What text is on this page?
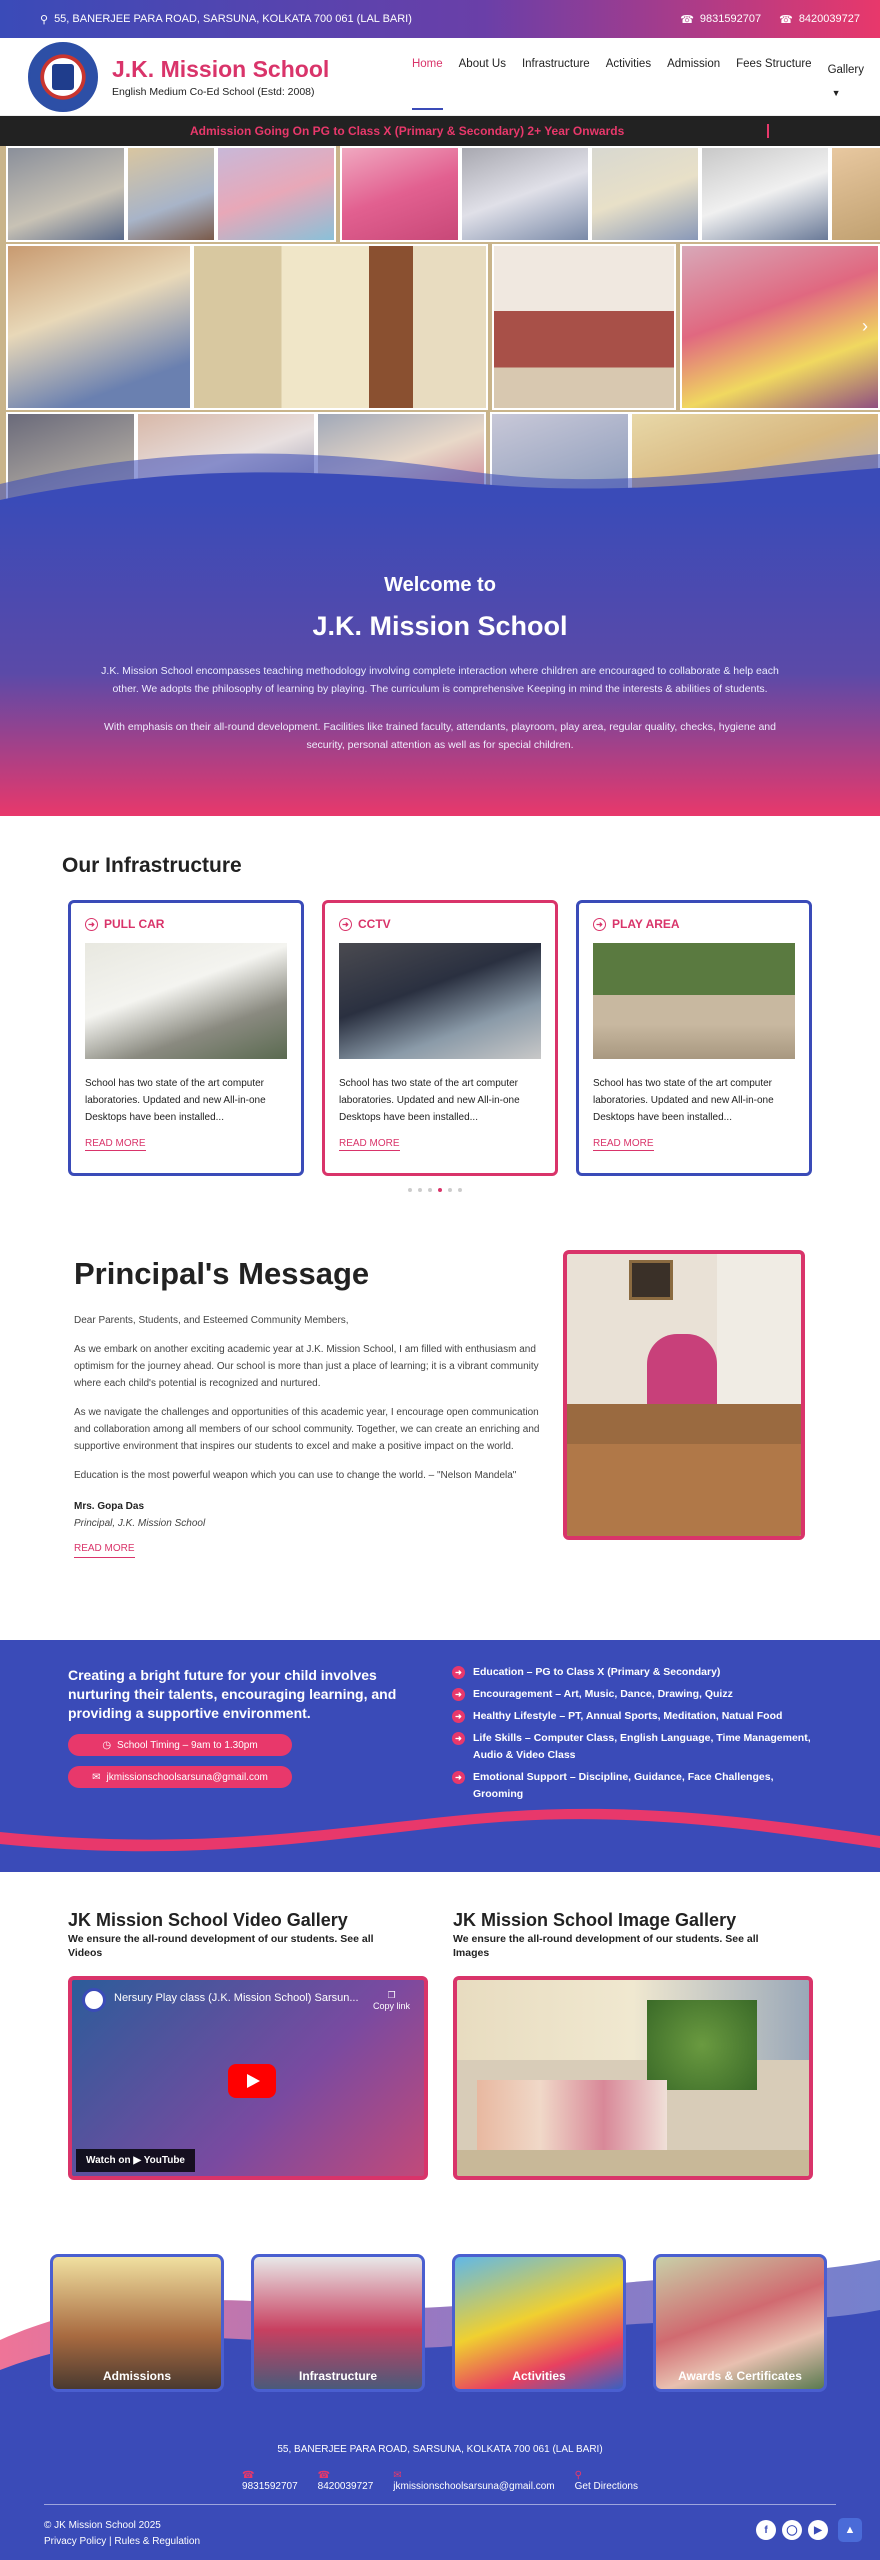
⚲ 55, BANERJEE PARA ROAD, SARSUNA, KOLKATA 700 061 (LAL BARI)	☎ 9831592707 ☎ 8420039727
J.K. Mission School
English Medium Co-Ed School (Estd: 2008)
Home About Us Infrastructure Activities Admission Fees Structure Gallery
▼
Admission Going On PG to Class X (Primary & Secondary) 2+ Year Onwards
›
Welcome to
J.K. Mission School

J.K. Mission School encompasses teaching methodology involving complete interaction where children are encouraged to collaborate & help each other. We adopts the philosophy of learning by playing. The curriculum is comprehensive Keeping in mind the interests & abilities of students.

With emphasis on their all-round development. Facilities like trained faculty, attendants, playroom, play area, regular quality, checks, hygiene and security, personal attention as well as for special children.

Our Infrastructure
➜ PULL CAR

School has two state of the art computer laboratories. Updated and new All-in-one Desktops have been installed...

READ MORE
➜ CCTV

School has two state of the art computer laboratories. Updated and new All-in-one Desktops have been installed...

READ MORE
➜ PLAY AREA

School has two state of the art computer laboratories. Updated and new All-in-one Desktops have been installed...

READ MORE
Principal's Message

Dear Parents, Students, and Esteemed Community Members,

As we embark on another exciting academic year at J.K. Mission School, I am filled with enthusiasm and optimism for the journey ahead. Our school is more than just a place of learning; it is a vibrant community where each child's potential is recognized and nurtured.

As we navigate the challenges and opportunities of this academic year, I encourage open communication and collaboration among all members of our school community. Together, we can create an enriching and supportive environment that inspires our students to excel and make a positive impact on the world.

Education is the most powerful weapon which you can use to change the world. – "Nelson Mandela"

Mrs. Gopa Das
Principal, J.K. Mission School

READ MORE
Creating a bright future for your child involves nurturing their talents, encouraging learning, and providing a supportive environment.
◷ School Timing – 9am to 1.30pm
✉ jkmissionschoolsarsuna@gmail.com
➜	Education – PG to Class X (Primary & Secondary)
➜	Encouragement – Art, Music, Dance, Drawing, Quizz
➜	Healthy Lifestyle – PT, Annual Sports, Meditation, Natual Food
➜	Life Skills – Computer Class, English Language, Time Management, Audio & Video Class
➜	Emotional Support – Discipline, Guidance, Face Challenges, Grooming
JK Mission School Video Gallery
We ensure the all-round development of our students. See all Videos
JK Mission School Image Gallery
We ensure the all-round development of our students. See all Images
Nersury Play class (J.K. Mission School) Sarsun...	❐
Copy link
Watch on ▶ YouTube
Admissions	Infrastructure	Activities	Awards & Certificates
55, BANERJEE PARA ROAD, SARSUNA, KOLKATA 700 061 (LAL BARI)
☎
9831592707
☎
8420039727
✉
jkmissionschoolsarsuna@gmail.com
⚲
Get Directions
© JK Mission School 2025
Privacy Policy | Rules & Regulation
f	◯	▶	▲
